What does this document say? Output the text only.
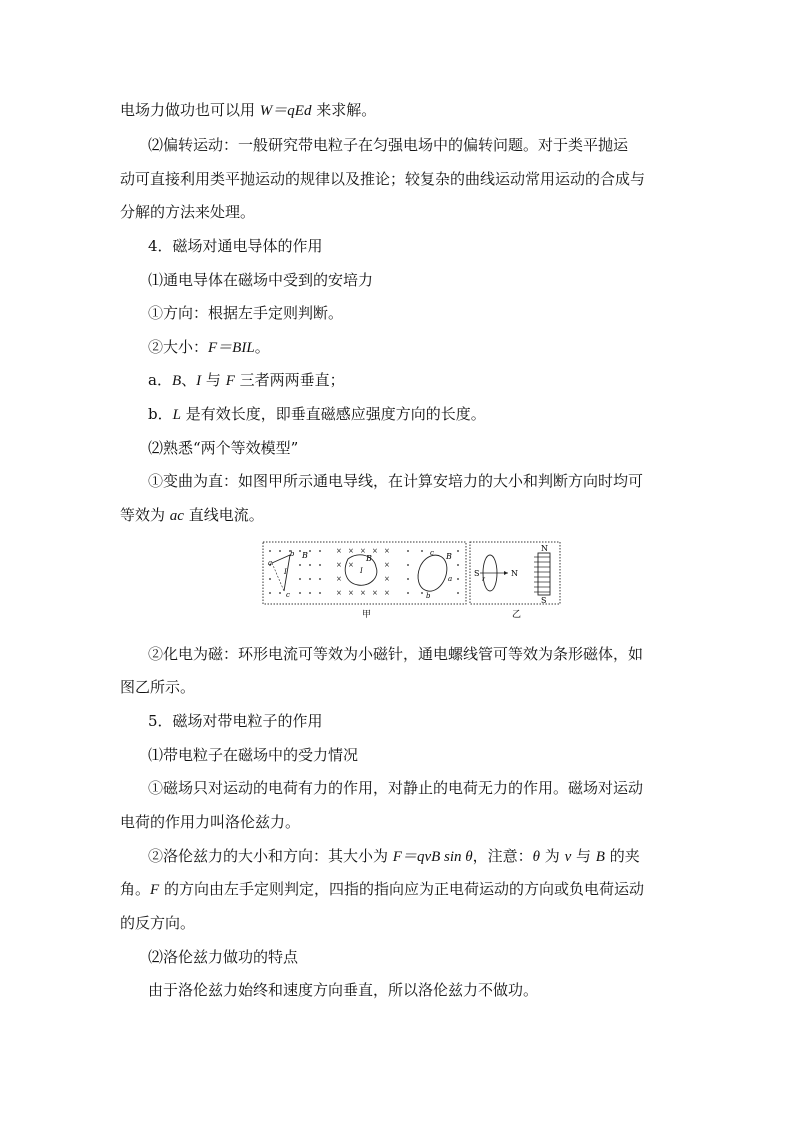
电场力做功也可以用 W＝qEd 来求解。
⑵偏转运动：一般研究带电粒子在匀强电场中的偏转问题。对于类平抛运
动可直接利用类平抛运动的规律以及推论；较复杂的曲线运动常用运动的合成与
分解的方法来处理。
4．磁场对通电导体的作用
⑴通电导体在磁场中受到的安培力
①方向：根据左手定则判断。
②大小：F＝BIL。
a．B、I 与 F 三者两两垂直；
b．L 是有效长度，即垂直磁感应强度方向的长度。
⑵熟悉“两个等效模型”
①变曲为直：如图甲所示通电导线，在计算安培力的大小和判断方向时均可
等效为 ac 直线电流。
a
b
c
I
B	× × × × ×
× ×	×
×	×
× × × × ×
I
B	B
c
a
b
S	N
r
N
S
甲	乙
②化电为磁：环形电流可等效为小磁针，通电螺线管可等效为条形磁体，如
图乙所示。
5．磁场对带电粒子的作用
⑴带电粒子在磁场中的受力情况
①磁场只对运动的电荷有力的作用，对静止的电荷无力的作用。磁场对运动
电荷的作用力叫洛伦兹力。
②洛伦兹力的大小和方向：其大小为 F＝qvB sin θ，注意：θ 为 v 与 B 的夹
角。F 的方向由左手定则判定，四指的指向应为正电荷运动的方向或负电荷运动
的反方向。
⑵洛伦兹力做功的特点
由于洛伦兹力始终和速度方向垂直，所以洛伦兹力不做功。
